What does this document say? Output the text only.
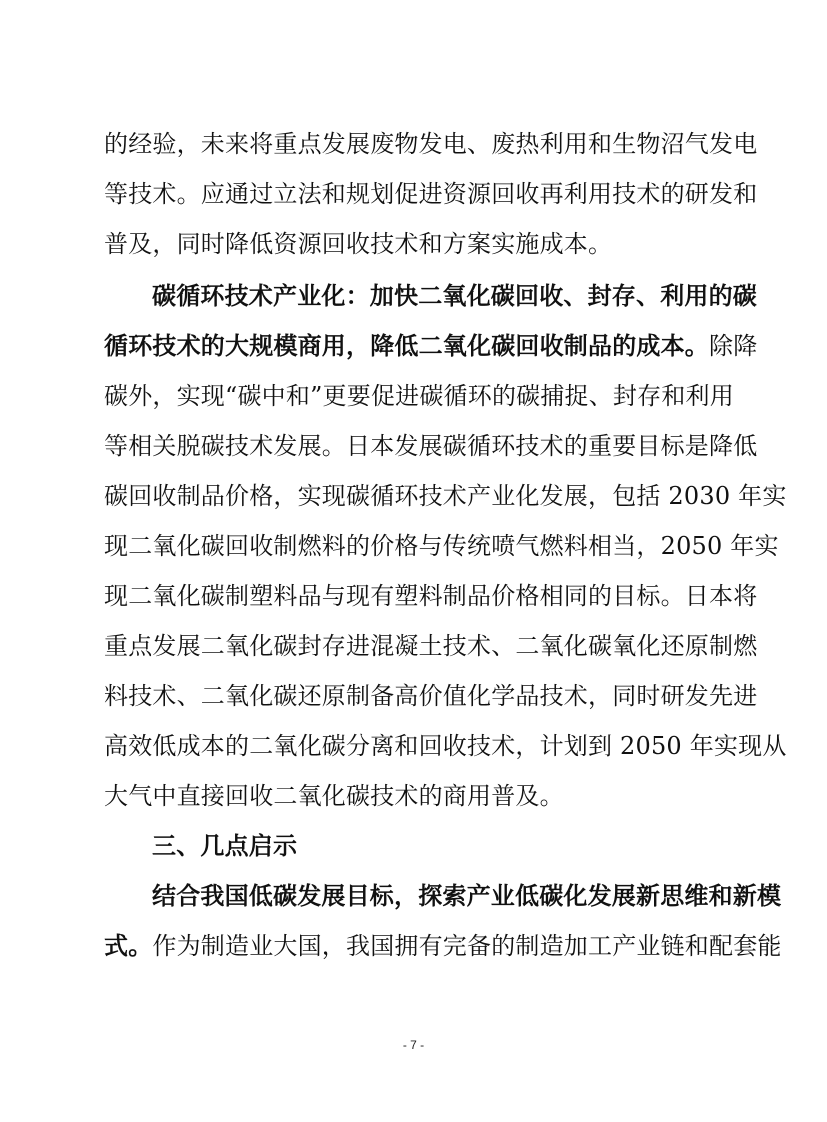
的经验，未来将重点发展废物发电、废热利用和生物沼气发电
等技术。应通过立法和规划促进资源回收再利用技术的研发和
普及，同时降低资源回收技术和方案实施成本。
碳循环技术产业化：加快二氧化碳回收、封存、利用的碳
循环技术的大规模商用，降低二氧化碳回收制品的成本。除降
碳外，实现“碳中和”更要促进碳循环的碳捕捉、封存和利用
等相关脱碳技术发展。日本发展碳循环技术的重要目标是降低
碳回收制品价格，实现碳循环技术产业化发展，包括 2030 年实
现二氧化碳回收制燃料的价格与传统喷气燃料相当，2050 年实
现二氧化碳制塑料品与现有塑料制品价格相同的目标。日本将
重点发展二氧化碳封存进混凝土技术、二氧化碳氧化还原制燃
料技术、二氧化碳还原制备高价值化学品技术，同时研发先进
高效低成本的二氧化碳分离和回收技术，计划到 2050 年实现从
大气中直接回收二氧化碳技术的商用普及。
三、几点启示
结合我国低碳发展目标，探索产业低碳化发展新思维和新模
式。作为制造业大国，我国拥有完备的制造加工产业链和配套能
- 7 -
